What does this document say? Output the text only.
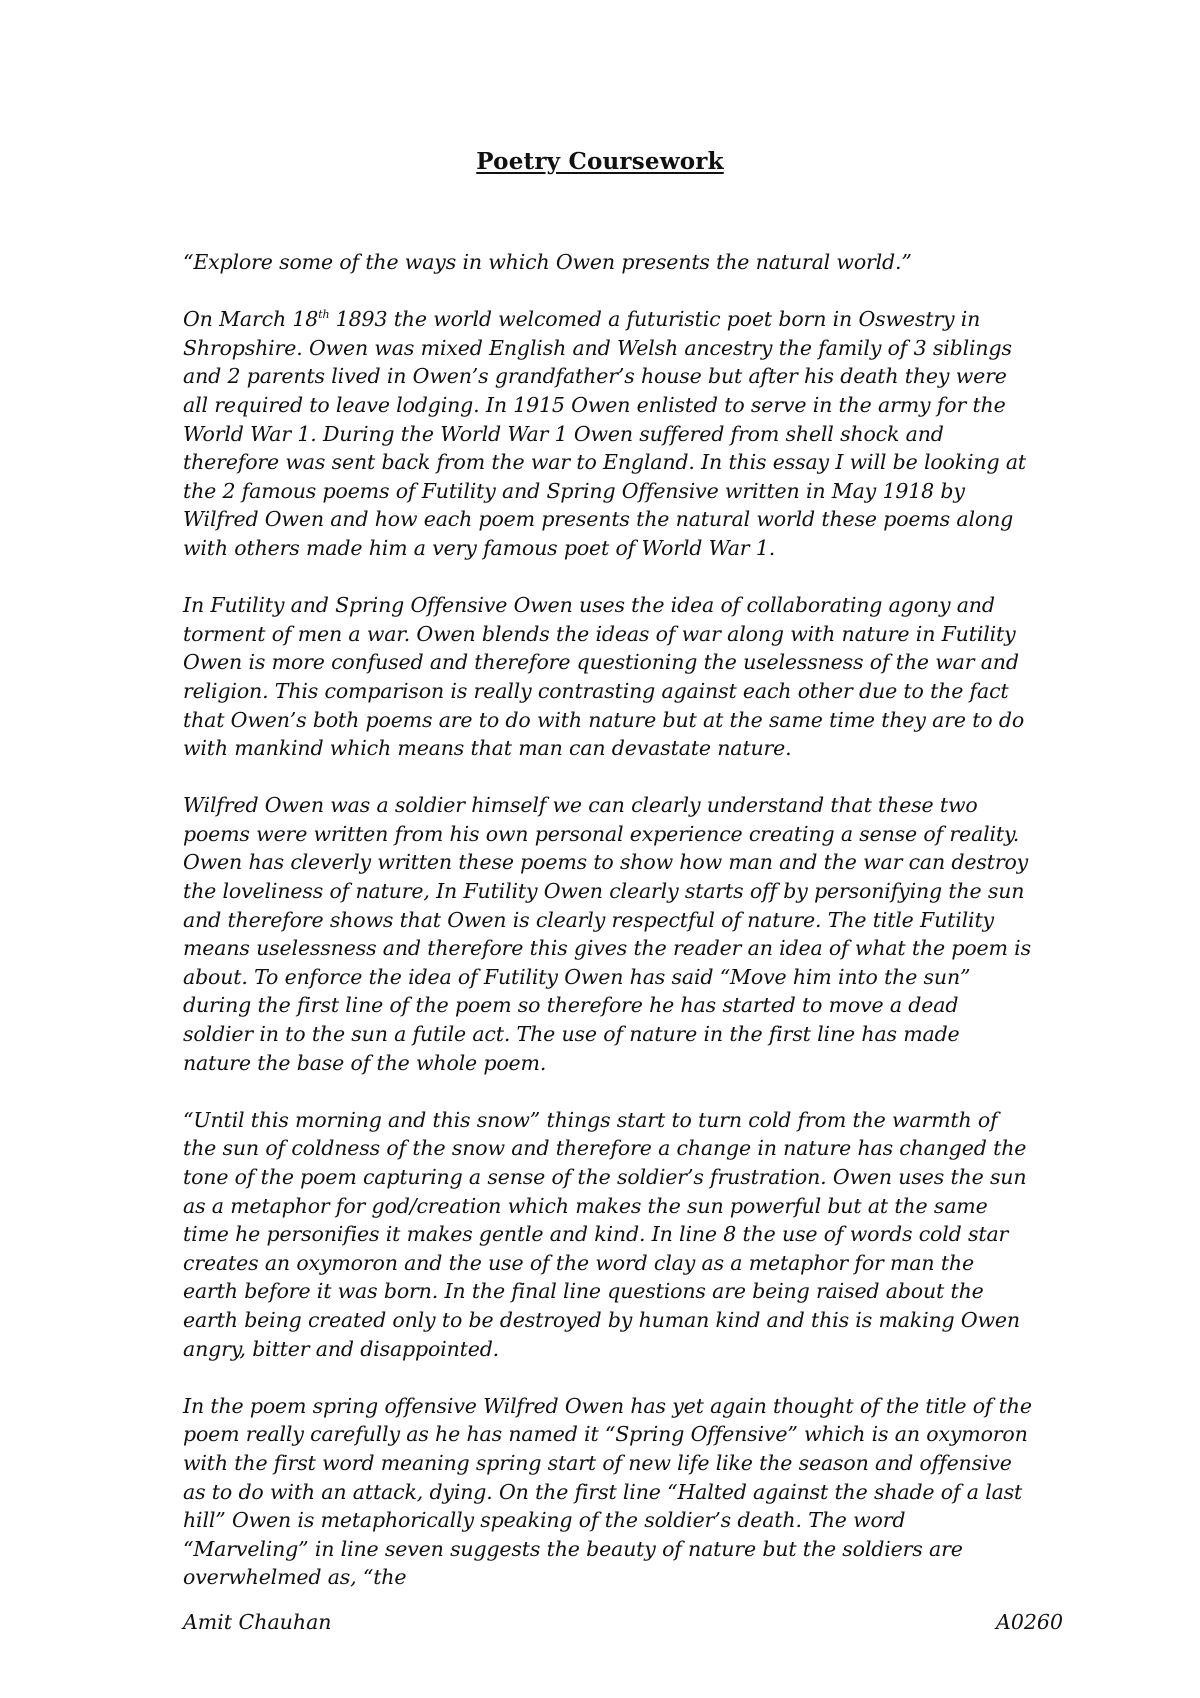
Poetry Coursework

“Explore some of the ways in which Owen presents the natural world.”

On March 18th 1893 the world welcomed a futuristic poet born in Oswestry in Shropshire. Owen was mixed English and Welsh ancestry the family of 3 siblings and 2 parents lived in Owen’s grandfather’s house but after his death they were all required to leave lodging. In 1915 Owen enlisted to serve in the army for the World War 1. During the World War 1 Owen suffered from shell shock and therefore was sent back from the war to England. In this essay I will be looking at the 2 famous poems of Futility and Spring Offensive written in May 1918 by Wilfred Owen and how each poem presents the natural world these poems along with others made him a very famous poet of World War 1.

In Futility and Spring Offensive Owen uses the idea of collaborating agony and torment of men a war. Owen blends the ideas of war along with nature in Futility Owen is more confused and therefore questioning the uselessness of the war and religion. This comparison is really contrasting against each other due to the fact that Owen’s both poems are to do with nature but at the same time they are to do with mankind which means that man can devastate nature.

Wilfred Owen was a soldier himself we can clearly understand that these two poems were written from his own personal experience creating a sense of reality. Owen has cleverly written these poems to show how man and the war can destroy the loveliness of nature, In Futility Owen clearly starts off by personifying the sun and therefore shows that Owen is clearly respectful of nature. The title Futility means uselessness and therefore this gives the reader an idea of what the poem is about. To enforce the idea of Futility Owen has said “Move him into the sun” during the first line of the poem so therefore he has started to move a dead soldier in to the sun a futile act. The use of nature in the first line has made nature the base of the whole poem.

“Until this morning and this snow” things start to turn cold from the warmth of the sun of coldness of the snow and therefore a change in nature has changed the tone of the poem capturing a sense of the soldier’s frustration. Owen uses the sun as a metaphor for god/creation which makes the sun powerful but at the same time he personifies it makes gentle and kind. In line 8 the use of words cold star creates an oxymoron and the use of the word clay as a metaphor for man the earth before it was born. In the final line questions are being raised about the earth being created only to be destroyed by human kind and this is making Owen angry, bitter and disappointed.

In the poem spring offensive Wilfred Owen has yet again thought of the title of the poem really carefully as he has named it “Spring Offensive” which is an oxymoron with the first word meaning spring start of new life like the season and offensive as to do with an attack, dying. On the first line “Halted against the shade of a last hill” Owen is metaphorically speaking of the soldier’s death. The word “Marveling” in line seven suggests the beauty of nature but the soldiers are overwhelmed as, “the

Amit Chauhan	A0260
